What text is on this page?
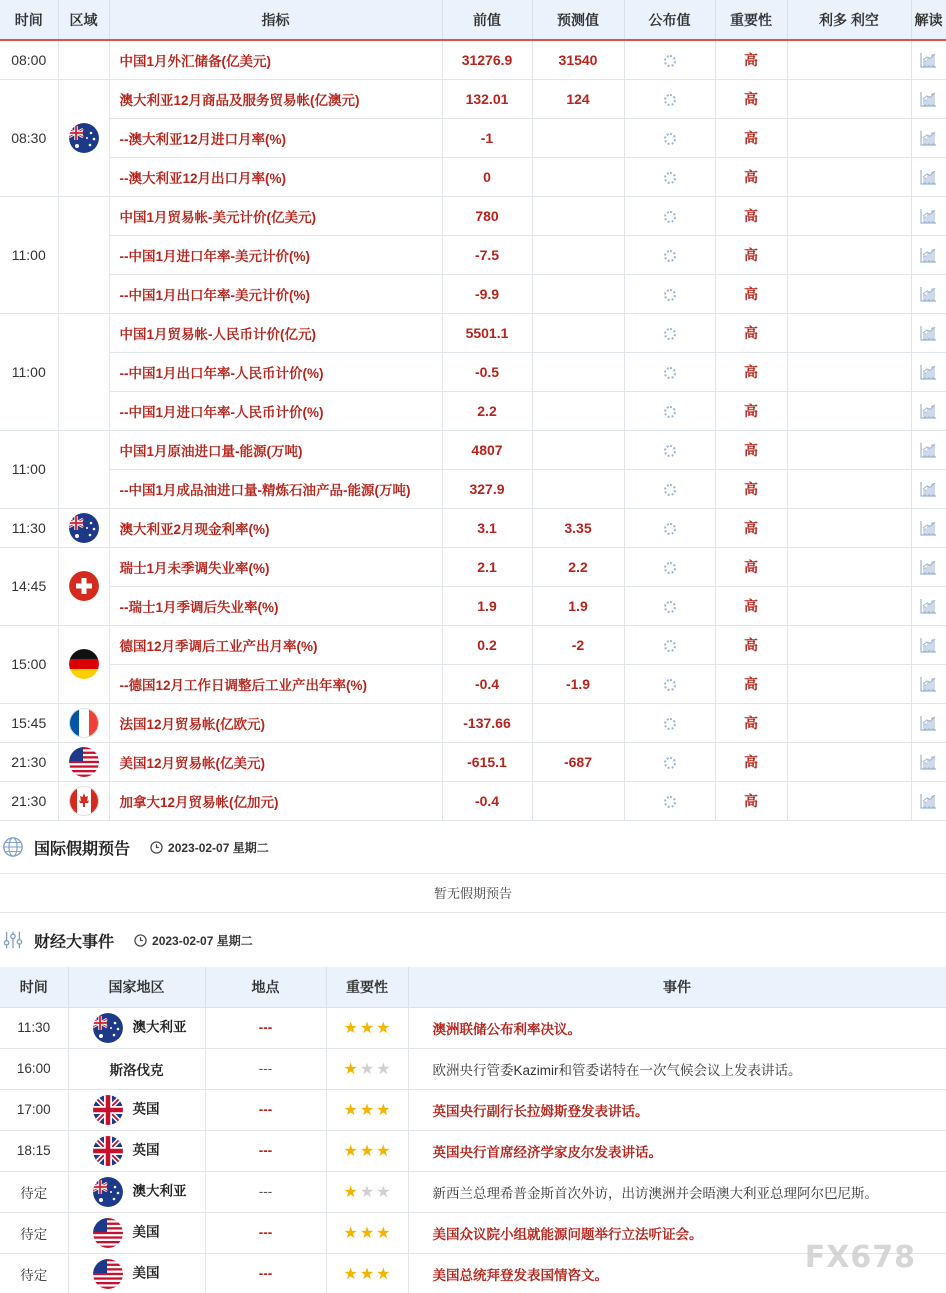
时间	区域	指标	前值	预测值	公布值	重要性	利多 利空	解读
08:00		中国1月外汇储备(亿美元)	31276.9	31540		高		
08:30		澳大利亚12月商品及服务贸易帐(亿澳元)	132.01	124		高		
		--澳大利亚12月进口月率(%)	-1			高		
		--澳大利亚12月出口月率(%)	0			高		
11:00		中国1月贸易帐-美元计价(亿美元)	780			高		
		--中国1月进口年率-美元计价(%)	-7.5			高		
		--中国1月出口年率-美元计价(%)	-9.9			高		
11:00		中国1月贸易帐-人民币计价(亿元)	5501.1			高		
		--中国1月出口年率-人民币计价(%)	-0.5			高		
		--中国1月进口年率-人民币计价(%)	2.2			高		
11:00		中国1月原油进口量-能源(万吨)	4807			高		
		--中国1月成品油进口量-精炼石油产品-能源(万吨)	327.9			高		
11:30		澳大利亚2月现金利率(%)	3.1	3.35		高		
14:45		瑞士1月未季调失业率(%)	2.1	2.2		高		
		--瑞士1月季调后失业率(%)	1.9	1.9		高		
15:00		德国12月季调后工业产出月率(%)	0.2	-2		高		
		--德国12月工作日调整后工业产出年率(%)	-0.4	-1.9		高		
15:45		法国12月贸易帐(亿欧元)	-137.66			高		
21:30		美国12月贸易帐(亿美元)	-615.1	-687		高		
21:30		加拿大12月贸易帐(亿加元)	-0.4			高		
国际假期预告	2023-02-07 星期二
暂无假期预告
财经大事件	2023-02-07 星期二
时间	国家地区	地点	重要性	事件
11:30	澳大利亚	---	★ ★ ★	澳洲联储公布利率决议。
16:00	斯洛伐克	---	★ ★ ★	欧洲央行管委Kazimir和管委诺特在一次气候会议上发表讲话。
17:00	英国	---	★ ★ ★	英国央行副行长拉姆斯登发表讲话。
18:15	英国	---	★ ★ ★	英国央行首席经济学家皮尔发表讲话。
待定	澳大利亚	---	★ ★ ★	新西兰总理希普金斯首次外访，出访澳洲并会晤澳大利亚总理阿尔巴尼斯。
待定	美国	---	★ ★ ★	美国众议院小组就能源问题举行立法听证会。
待定	美国	---	★ ★ ★	美国总统拜登发表国情咨文。	FX678
